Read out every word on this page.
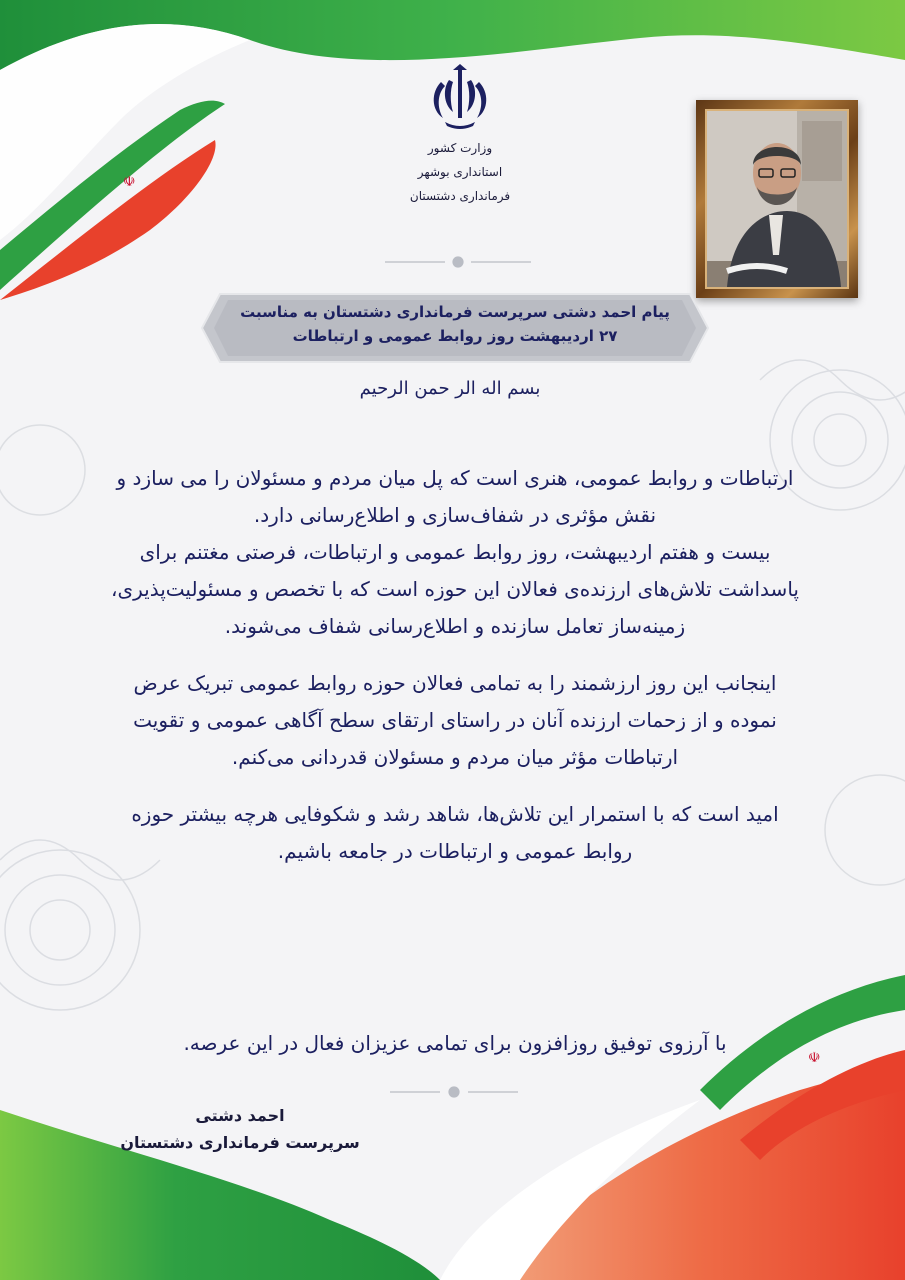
☫
☫
وزارت کشور
استانداری بوشهر
فرمانداری دشتستان
پیام احمد دشتی سرپرست فرمانداری دشتستان به مناسبت
۲۷ اردیبهشت روز روابط عمومی و ارتباطات
بسم اله الر حمن الرحیم

ارتباطات و روابط عمومی، هنری است که پل میان مردم و مسئولان را می سازد و نقش مؤثری در شفاف‌سازی و اطلاع‌رسانی دارد.

بیست و هفتم اردیبهشت، روز روابط عمومی و ارتباطات، فرصتی مغتنم برای پاسداشت تلاش‌های ارزنده‌ی فعالان این حوزه است که با تخصص و مسئولیت‌پذیری، زمینه‌ساز تعامل سازنده و اطلاع‌رسانی شفاف می‌شوند.

اینجانب این روز ارزشمند را به تمامی فعالان حوزه روابط عمومی تبریک عرض نموده و از زحمات ارزنده آنان در راستای ارتقای سطح آگاهی عمومی و تقویت ارتباطات مؤثر میان مردم و مسئولان قدردانی می‌کنم.

امید است که با استمرار این تلاش‌ها، شاهد رشد و شکوفایی هرچه بیشتر حوزه روابط عمومی و ارتباطات در جامعه باشیم.

با آرزوی توفیق روزافزون برای تمامی عزیزان فعال در این عرصه.
احمد دشتی
سرپرست فرمانداری دشتستان
